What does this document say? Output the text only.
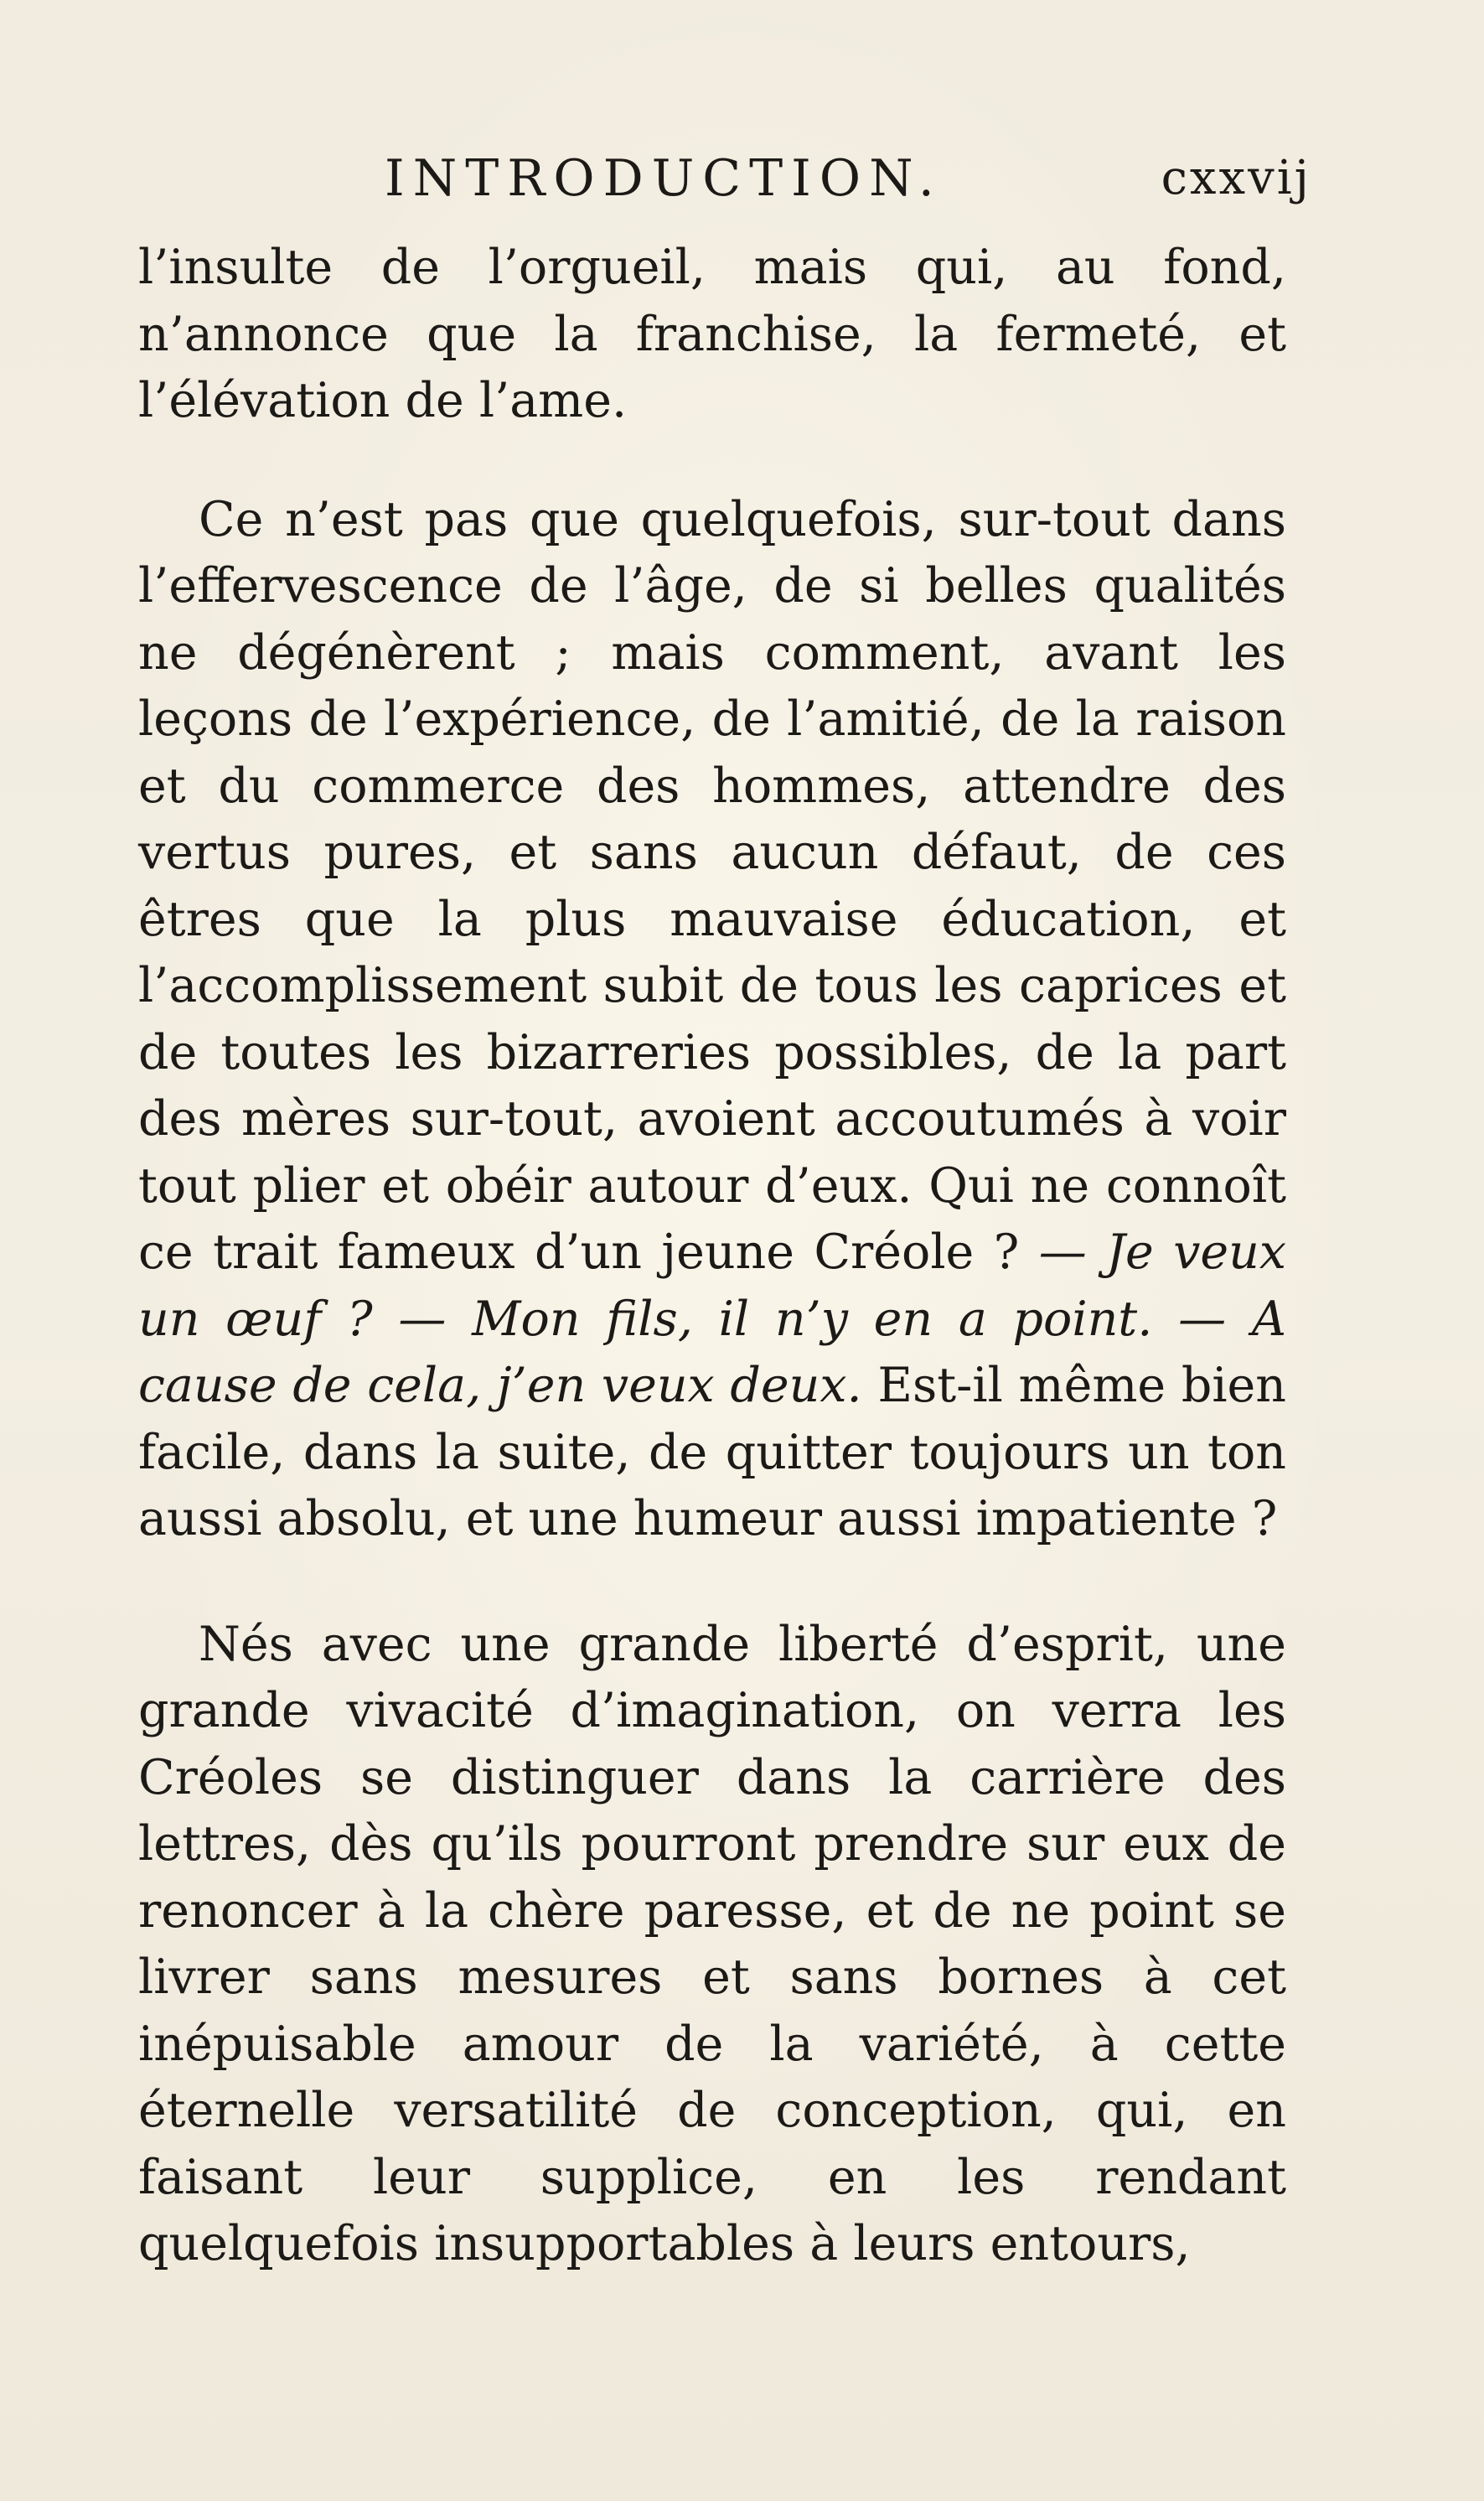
INTRODUCTION.	cxxvij

l’insulte de l’orgueil, mais qui, au fond, n’annonce que la franchise, la fermeté, et l’élévation de l’ame.

Ce n’est pas que quelquefois, sur-tout dans l’effervescence de l’âge, de si belles qualités ne dégénèrent ; mais comment, avant les leçons de l’expérience, de l’amitié, de la raison et du commerce des hommes, attendre des vertus pures, et sans aucun défaut, de ces êtres que la plus mauvaise éducation, et l’accomplissement subit de tous les caprices et de toutes les bizarreries possibles, de la part des mères sur-tout, avoient accoutumés à voir tout plier et obéir autour d’eux. Qui ne connoît ce trait fameux d’un jeune Créole ? — Je veux un œuf ? — Mon fils, il n’y en a point. — A cause de cela, j’en veux deux. Est-il même bien facile, dans la suite, de quitter toujours un ton aussi absolu, et une humeur aussi impatiente ?

Nés avec une grande liberté d’esprit, une grande vivacité d’imagination, on verra les Créoles se distinguer dans la carrière des lettres, dès qu’ils pourront prendre sur eux de renoncer à la chère paresse, et de ne point se livrer sans mesures et sans bornes à cet inépuisable amour de la variété, à cette éternelle versatilité de conception, qui, en faisant leur supplice, en les rendant quelquefois insupportables à leurs entours,
